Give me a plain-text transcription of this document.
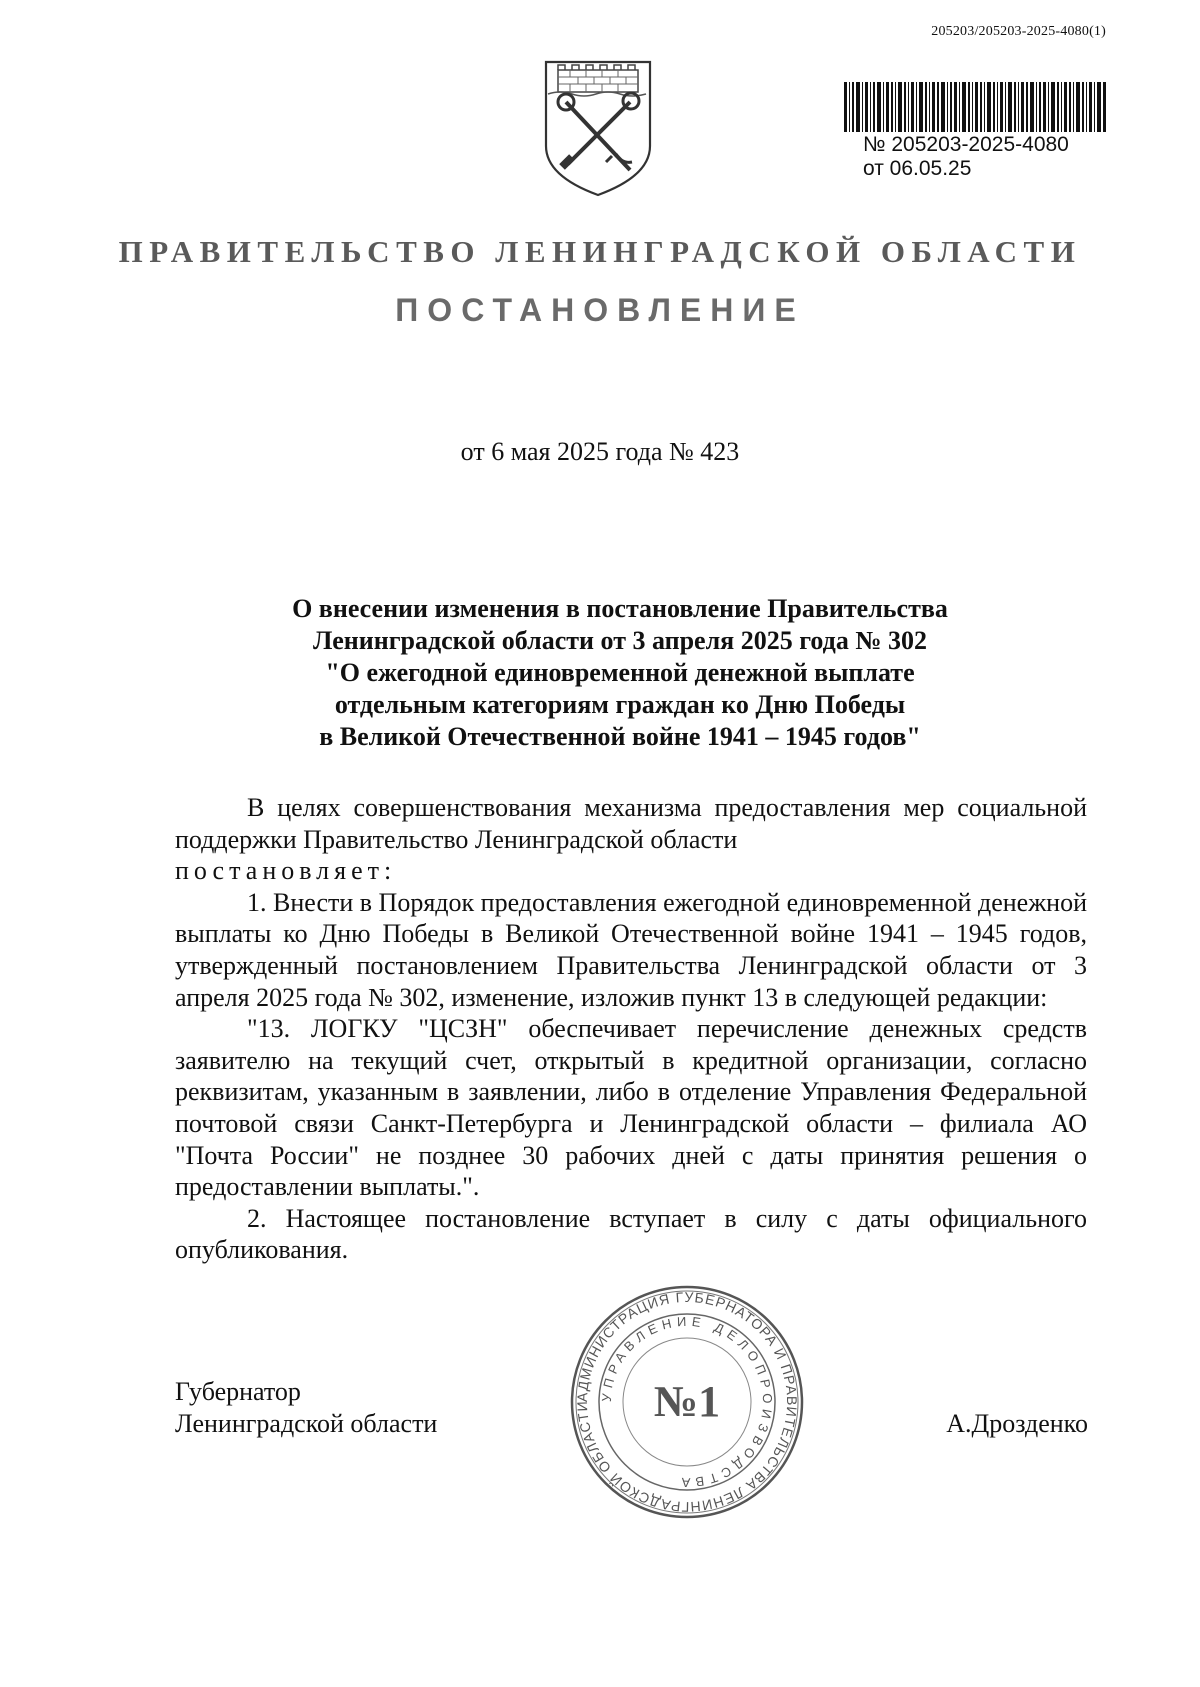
205203/205203-2025-4080(1)
№ 205203-2025-4080
от 06.05.25
ПРАВИТЕЛЬСТВО ЛЕНИНГРАДСКОЙ ОБЛАСТИ
ПОСТАНОВЛЕНИЕ
от 6 мая 2025 года № 423
О внесении изменения в постановление Правительства
Ленинградской области от 3 апреля 2025 года № 302
"О ежегодной единовременной денежной выплате
отдельным категориям граждан ко Дню Победы
в Великой Отечественной войне 1941 – 1945 годов"

В целях совершенствования механизма предоставления мер социальной поддержки Правительство Ленинградской области

постановляет:

1. Внести в Порядок предоставления ежегодной единовременной денежной выплаты ко Дню Победы в Великой Отечественной войне 1941 – 1945 годов, утвержденный постановлением Правительства Ленинградской области от 3 апреля 2025 года № 302, изменение, изложив пункт 13 в следующей редакции:

"13. ЛОГКУ "ЦСЗН" обеспечивает перечисление денежных средств заявителю на текущий счет, открытый в кредитной организации, согласно реквизитам, указанным в заявлении, либо в отделение Управления Федеральной почтовой связи Санкт-Петербурга и Ленинградской области – филиала АО "Почта России" не позднее 30 рабочих дней с даты принятия решения о предоставлении выплаты.".

2. Настоящее постановление вступает в силу с даты официального опубликования.

Губернатор
Ленинградской области	А.Дрозденко
АДМИНИСТРАЦИЯ ГУБЕРНАТОРА И ПРАВИТЕЛЬСТВА ЛЕНИНГРАДСКОЙ ОБЛАСТИ
УПРАВЛЕНИЕ ДЕЛОПРОИЗВОДСТВА
№1
